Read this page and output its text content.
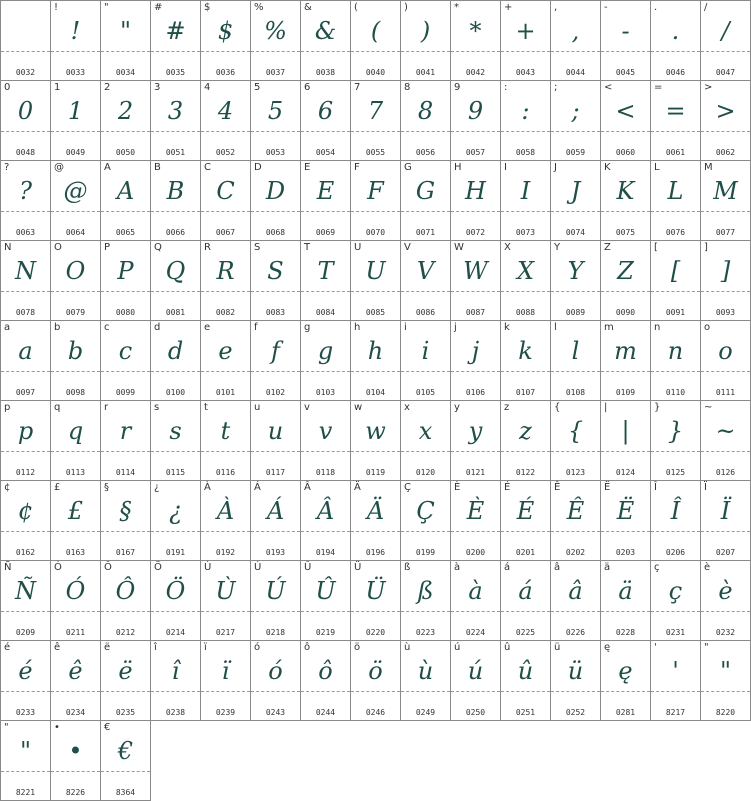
0032
!
!
0033
"
"
0034
#
#
0035
$
$
0036
%
%
0037
&
&
0038
(
(
0040
)
)
0041
*
*
0042
+
+
0043
,
,
0044
-
-
0045
.
.
0046
/
/
0047
0
0
0048
1
1
0049
2
2
0050
3
3
0051
4
4
0052
5
5
0053
6
6
0054
7
7
0055
8
8
0056
9
9
0057
:
:
0058
;
;
0059
<
<
0060
=
=
0061
>
>
0062
?
?
0063
@
@
0064
A
A
0065
B
B
0066
C
C
0067
D
D
0068
E
E
0069
F
F
0070
G
G
0071
H
H
0072
I
I
0073
J
J
0074
K
K
0075
L
L
0076
M
M
0077
N
N
0078
O
O
0079
P
P
0080
Q
Q
0081
R
R
0082
S
S
0083
T
T
0084
U
U
0085
V
V
0086
W
W
0087
X
X
0088
Y
Y
0089
Z
Z
0090
[
[
0091
]
]
0093
a
a
0097
b
b
0098
c
c
0099
d
d
0100
e
e
0101
f
f
0102
g
g
0103
h
h
0104
i
i
0105
j
j
0106
k
k
0107
l
l
0108
m
m
0109
n
n
0110
o
o
0111
p
p
0112
q
q
0113
r
r
0114
s
s
0115
t
t
0116
u
u
0117
v
v
0118
w
w
0119
x
x
0120
y
y
0121
z
z
0122
{
{
0123
|
|
0124
}
}
0125
~
~
0126
¢
¢
0162
£
£
0163
§
§
0167
¿
¿
0191
À
À
0192
Á
Á
0193
Â
Â
0194
Ä
Ä
0196
Ç
Ç
0199
È
È
0200
É
É
0201
Ê
Ê
0202
Ë
Ë
0203
Î
Î
0206
Ï
Ï
0207
Ñ
Ñ
0209
Ó
Ó
0211
Ô
Ô
0212
Ö
Ö
0214
Ù
Ù
0217
Ú
Ú
0218
Û
Û
0219
Ü
Ü
0220
ß
ß
0223
à
à
0224
á
á
0225
â
â
0226
ä
ä
0228
ç
ç
0231
è
è
0232
é
é
0233
ê
ê
0234
ë
ë
0235
î
î
0238
ï
ï
0239
ó
ó
0243
ô
ô
0244
ö
ö
0246
ù
ù
0249
ú
ú
0250
û
û
0251
ü
ü
0252
ę
ę
0281
'
'
8217
"
"
8220
"
"
8221
•
•
8226
€
€
8364
